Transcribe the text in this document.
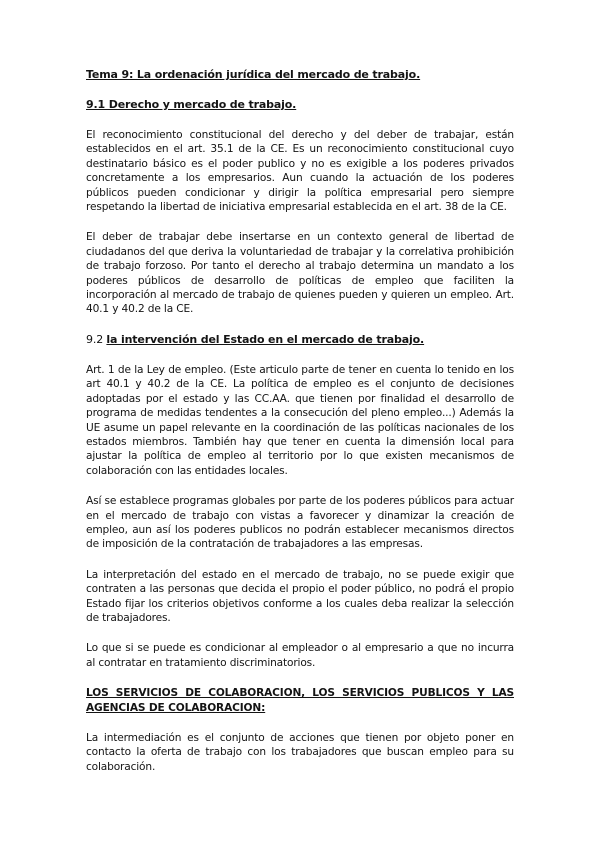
Tema 9: La ordenación jurídica del mercado de trabajo.
9.1 Derecho y mercado de trabajo.

El reconocimiento constitucional del derecho y del deber de trabajar, están establecidos en el art. 35.1 de la CE. Es un reconocimiento constitucional cuyo destinatario básico es el poder publico y no es exigible a los poderes privados concretamente a los empresarios. Aun cuando la actuación de los poderes públicos pueden condicionar y dirigir la política empresarial pero siempre respetando la libertad de iniciativa empresarial establecida en el art. 38 de la CE.

El deber de trabajar debe insertarse en un contexto general de libertad de ciudadanos del que deriva la voluntariedad de trabajar y la correlativa prohibición de trabajo forzoso. Por tanto el derecho al trabajo determina un mandato a los poderes públicos de desarrollo de políticas de empleo que faciliten la incorporación al mercado de trabajo de quienes pueden y quieren un empleo. Art. 40.1 y 40.2 de la CE.

9.2 la intervención del Estado en el mercado de trabajo.

Art. 1 de la Ley de empleo. (Este articulo parte de tener en cuenta lo tenido en los art 40.1 y 40.2 de la CE. La política de empleo es el conjunto de decisiones adoptadas por el estado y las CC.AA. que tienen por finalidad el desarrollo de programa de medidas tendentes a la consecución del pleno empleo...) Además la UE asume un papel relevante en la coordinación de las políticas nacionales de los estados miembros. También hay que tener en cuenta la dimensión local para ajustar la política de empleo al territorio por lo que existen mecanismos de colaboración con las entidades locales.

Así se establece programas globales por parte de los poderes públicos para actuar en el mercado de trabajo con vistas a favorecer y dinamizar la creación de empleo, aun así los poderes publicos no podrán establecer mecanismos directos de imposición de la contratación de trabajadores a las empresas.

La interpretación del estado en el mercado de trabajo, no se puede exigir que contraten a las personas que decida el propio el poder público, no podrá el propio Estado fijar los criterios objetivos conforme a los cuales deba realizar la selección de trabajadores.

Lo que si se puede es condicionar al empleador o al empresario a que no incurra al contratar en tratamiento discriminatorios.

LOS SERVICIOS DE COLABORACION, LOS SERVICIOS PUBLICOS Y LAS AGENCIAS DE COLABORACION:

La intermediación es el conjunto de acciones que tienen por objeto poner en contacto la oferta de trabajo con los trabajadores que buscan empleo para su colaboración.
